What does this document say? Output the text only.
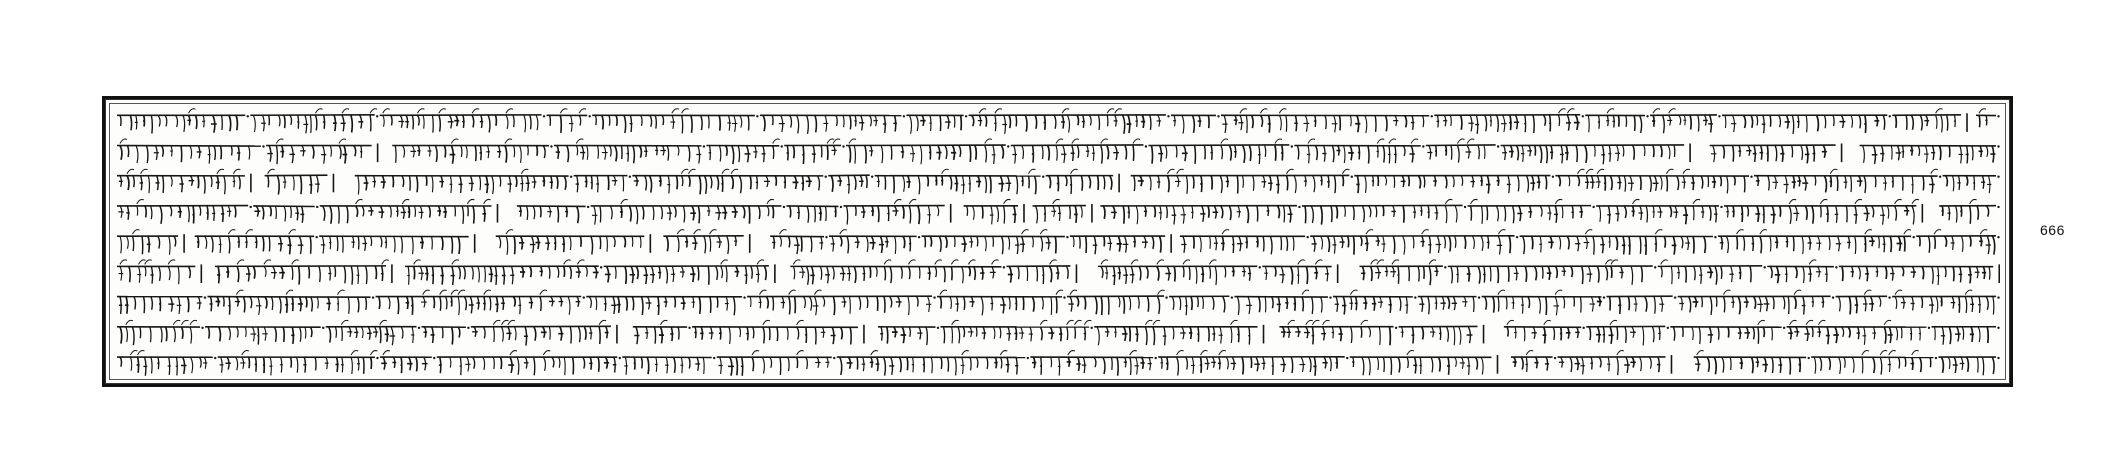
666
